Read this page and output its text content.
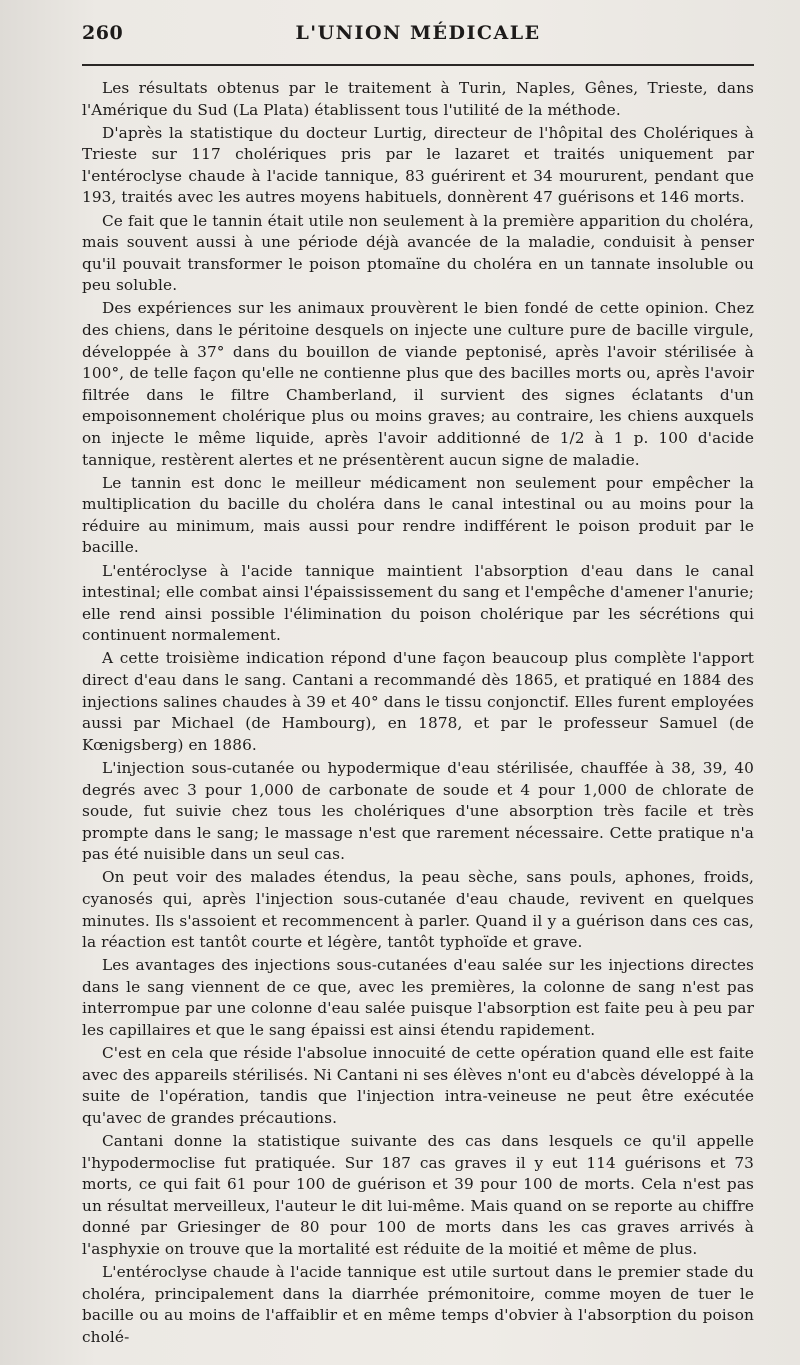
260	L'UNION MÉDICALE

Les résultats obtenus par le traitement à Turin, Naples, Gênes, Trieste, dans l'Amérique du Sud (La Plata) établissent tous l'utilité de la méthode.

D'après la statistique du docteur Lurtig, directeur de l'hôpital des Cholériques à Trieste sur 117 cholériques pris par le lazaret et traités uniquement par l'entéroclyse chaude à l'acide tannique, 83 guérirent et 34 moururent, pendant que 193, traités avec les autres moyens habituels, donnèrent 47 guérisons et 146 morts.

Ce fait que le tannin était utile non seulement à la première apparition du choléra, mais souvent aussi à une période déjà avancée de la maladie, conduisit à penser qu'il pouvait transformer le poison ptomaïne du choléra en un tannate insoluble ou peu soluble.

Des expériences sur les animaux prouvèrent le bien fondé de cette opinion. Chez des chiens, dans le péritoine desquels on injecte une culture pure de bacille virgule, développée à 37° dans du bouillon de viande peptonisé, après l'avoir stérilisée à 100°, de telle façon qu'elle ne contienne plus que des bacilles morts ou, après l'avoir filtrée dans le filtre Chamberland, il survient des signes éclatants d'un empoisonnement cholérique plus ou moins graves; au contraire, les chiens auxquels on injecte le même liquide, après l'avoir additionné de 1/2 à 1 p. 100 d'acide tannique, restèrent alertes et ne présentèrent aucun signe de maladie.

Le tannin est donc le meilleur médicament non seulement pour empêcher la multiplication du bacille du choléra dans le canal intestinal ou au moins pour la réduire au minimum, mais aussi pour rendre indifférent le poison produit par le bacille.

L'entéroclyse à l'acide tannique maintient l'absorption d'eau dans le canal intestinal; elle combat ainsi l'épaississement du sang et l'empêche d'amener l'anurie; elle rend ainsi possible l'élimination du poison cholérique par les sécrétions qui continuent normalement.

A cette troisième indication répond d'une façon beaucoup plus complète l'apport direct d'eau dans le sang. Cantani a recommandé dès 1865, et pratiqué en 1884 des injections salines chaudes à 39 et 40° dans le tissu conjonctif. Elles furent employées aussi par Michael (de Hambourg), en 1878, et par le professeur Samuel (de Kœnigsberg) en 1886.

L'injection sous-cutanée ou hypodermique d'eau stérilisée, chauffée à 38, 39, 40 degrés avec 3 pour 1,000 de carbonate de soude et 4 pour 1,000 de chlorate de soude, fut suivie chez tous les cholériques d'une absorption très facile et très prompte dans le sang; le massage n'est que rarement nécessaire. Cette pratique n'a pas été nuisible dans un seul cas.

On peut voir des malades étendus, la peau sèche, sans pouls, aphones, froids, cyanosés qui, après l'injection sous-cutanée d'eau chaude, revivent en quelques minutes. Ils s'assoient et recommencent à parler. Quand il y a guérison dans ces cas, la réaction est tantôt courte et légère, tantôt typhoïde et grave.

Les avantages des injections sous-cutanées d'eau salée sur les injections directes dans le sang viennent de ce que, avec les premières, la colonne de sang n'est pas interrompue par une colonne d'eau salée puisque l'absorption est faite peu à peu par les capillaires et que le sang épaissi est ainsi étendu rapidement.

C'est en cela que réside l'absolue innocuité de cette opération quand elle est faite avec des appareils stérilisés. Ni Cantani ni ses élèves n'ont eu d'abcès développé à la suite de l'opération, tandis que l'injection intra-veineuse ne peut être exécutée qu'avec de grandes précautions.

Cantani donne la statistique suivante des cas dans lesquels ce qu'il appelle l'hypodermoclise fut pratiquée. Sur 187 cas graves il y eut 114 guérisons et 73 morts, ce qui fait 61 pour 100 de guérison et 39 pour 100 de morts. Cela n'est pas un résultat merveilleux, l'auteur le dit lui-même. Mais quand on se reporte au chiffre donné par Griesinger de 80 pour 100 de morts dans les cas graves arrivés à l'asphyxie on trouve que la mortalité est réduite de la moitié et même de plus.

L'entéroclyse chaude à l'acide tannique est utile surtout dans le premier stade du choléra, principalement dans la diarrhée prémonitoire, comme moyen de tuer le bacille ou au moins de l'affaiblir et en même temps d'obvier à l'absorption du poison cholé-
